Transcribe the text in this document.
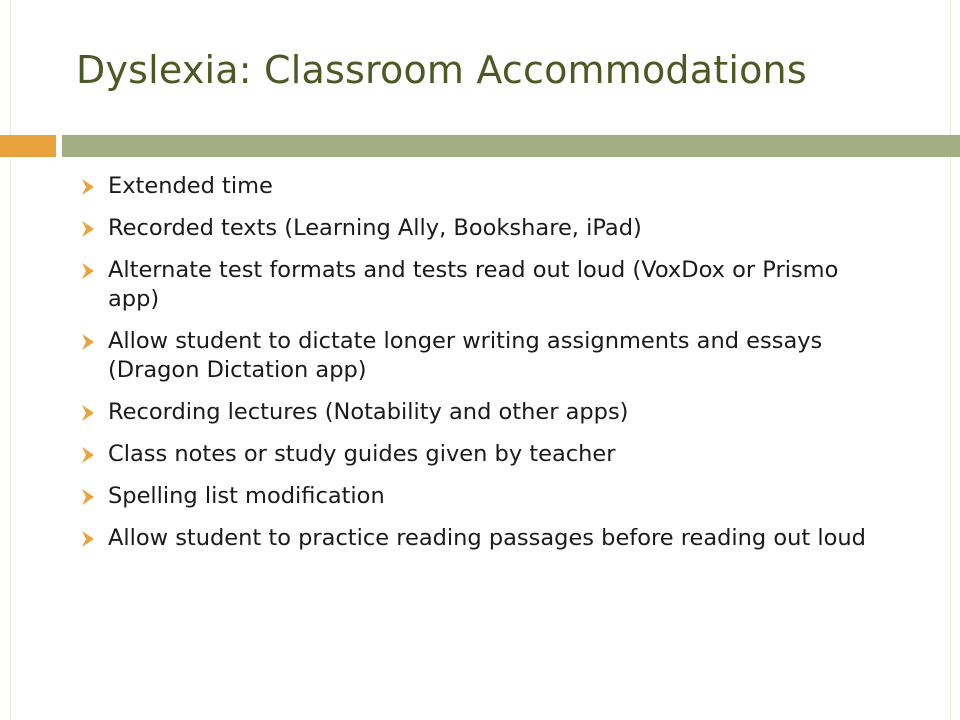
Dyslexia: Classroom Accommodations
Extended time
Recorded texts (Learning Ally, Bookshare, iPad)
Alternate test formats and tests read out loud (VoxDox or Prismo app)
Allow student to dictate longer writing assignments and essays (Dragon Dictation app)
Recording lectures (Notability and other apps)
Class notes or study guides given by teacher
Spelling list modification
Allow student to practice reading passages before reading out loud
